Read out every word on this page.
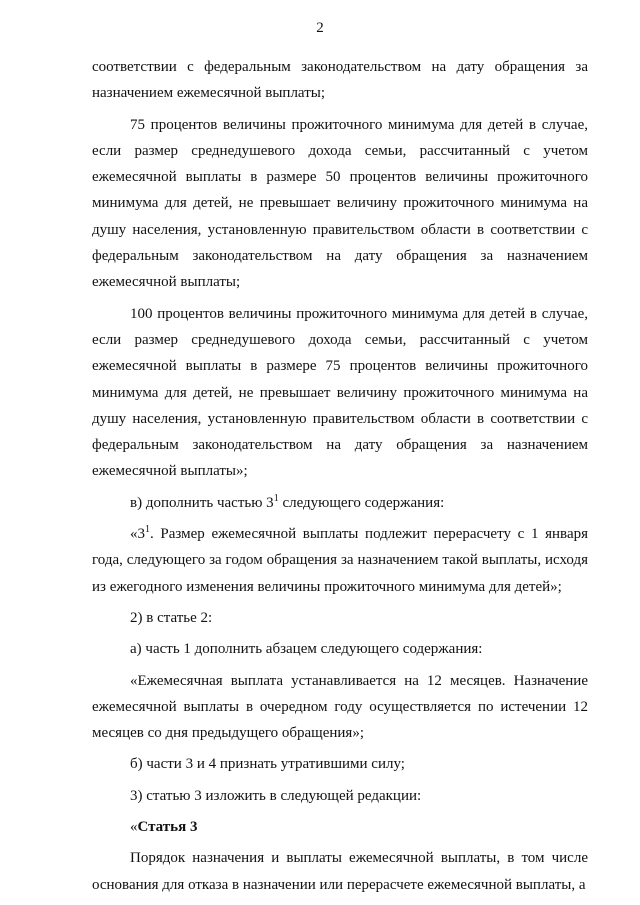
2

соответствии с федеральным законодательством на дату обращения за назначением ежемесячной выплаты;

75 процентов величины прожиточного минимума для детей в случае, если размер среднедушевого дохода семьи, рассчитанный с учетом ежемесячной выплаты в размере 50 процентов величины прожиточного минимума для детей, не превышает величину прожиточного минимума на душу населения, установленную правительством области в соответствии с федеральным законодательством на дату обращения за назначением ежемесячной выплаты;

100 процентов величины прожиточного минимума для детей в случае, если размер среднедушевого дохода семьи, рассчитанный с учетом ежемесячной выплаты в размере 75 процентов величины прожиточного минимума для детей, не превышает величину прожиточного минимума на душу населения, установленную правительством области в соответствии с федеральным законодательством на дату обращения за назначением ежемесячной выплаты»;

в) дополнить частью $3^1$ следующего содержания:

«$3^1$. Размер ежемесячной выплаты подлежит перерасчету с 1 января года, следующего за годом обращения за назначением такой выплаты, исходя из ежегодного изменения величины прожиточного минимума для детей»;

2) в статье 2:

а) часть 1 дополнить абзацем следующего содержания:

«Ежемесячная выплата устанавливается на 12 месяцев. Назначение ежемесячной выплаты в очередном году осуществляется по истечении 12 месяцев со дня предыдущего обращения»;

б) части 3 и 4 признать утратившими силу;

3) статью 3 изложить в следующей редакции:

«Статья 3

Порядок назначения и выплаты ежемесячной выплаты, в том числе основания для отказа в назначении или перерасчете ежемесячной выплаты, а
